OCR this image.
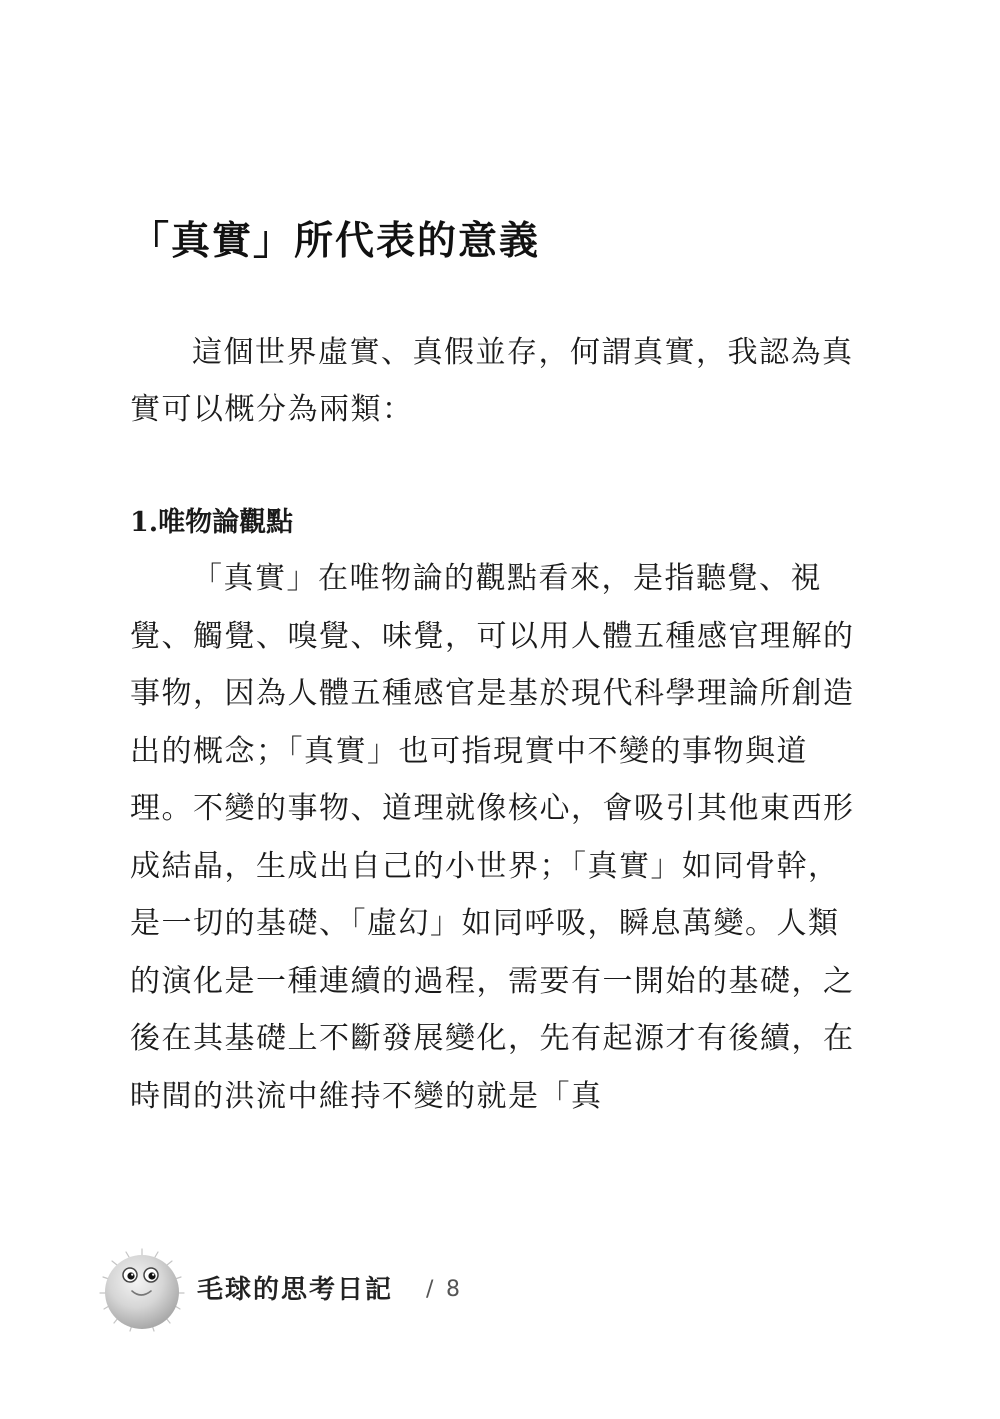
「真實」所代表的意義

這個世界虛實、真假並存，何謂真實，我認為真實可以概分為兩類：

1.唯物論觀點

「真實」在唯物論的觀點看來，是指聽覺、視覺、觸覺、嗅覺、味覺，可以用人體五種感官理解的事物，因為人體五種感官是基於現代科學理論所創造出的概念；「真實」也可指現實中不變的事物與道理。不變的事物、道理就像核心，會吸引其他東西形成結晶，生成出自己的小世界；「真實」如同骨幹，是一切的基礎、「虛幻」如同呼吸，瞬息萬變。人類的演化是一種連續的過程，需要有一開始的基礎，之後在其基礎上不斷發展變化，先有起源才有後續，在時間的洪流中維持不變的就是「真

毛球的思考日記 / 8
